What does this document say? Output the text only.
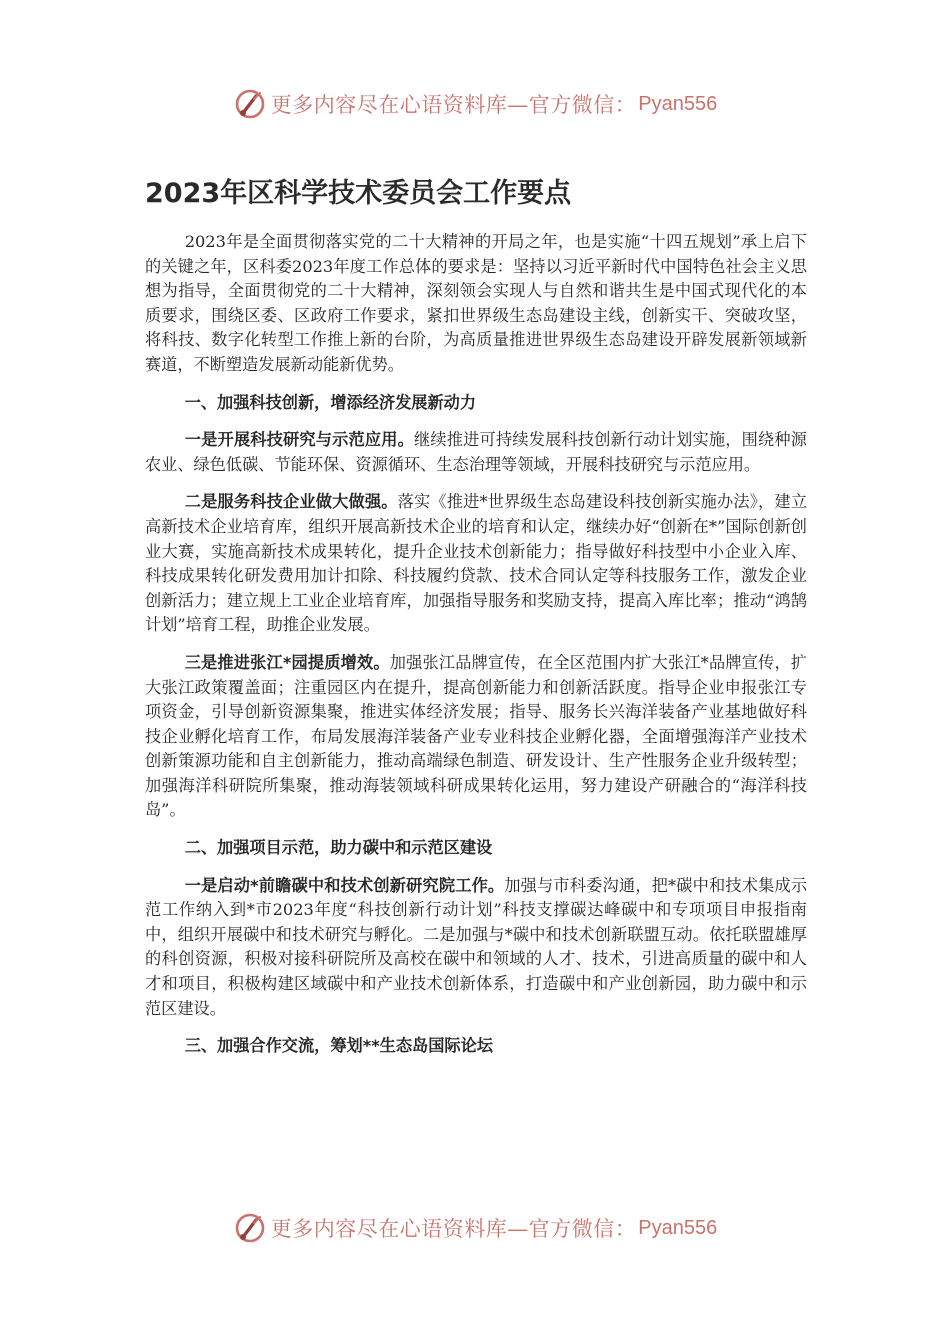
更多内容尽在心语资料库—官方微信： Pyan556
2023年区科学技术委员会工作要点

2023年是全面贯彻落实党的二十大精神的开局之年，也是实施“十四五规划”承上启下的关键之年，区科委2023年度工作总体的要求是：坚持以习近平新时代中国特色社会主义思想为指导，全面贯彻党的二十大精神，深刻领会实现人与自然和谐共生是中国式现代化的本质要求，围绕区委、区政府工作要求，紧扣世界级生态岛建设主线，创新实干、突破攻坚，将科技、数字化转型工作推上新的台阶，为高质量推进世界级生态岛建设开辟发展新领域新赛道，不断塑造发展新动能新优势。

一、加强科技创新，增添经济发展新动力

一是开展科技研究与示范应用。继续推进可持续发展科技创新行动计划实施，围绕种源农业、绿色低碳、节能环保、资源循环、生态治理等领域，开展科技研究与示范应用。

二是服务科技企业做大做强。落实《推进*世界级生态岛建设科技创新实施办法》，建立高新技术企业培育库，组织开展高新技术企业的培育和认定，继续办好“创新在*”国际创新创业大赛，实施高新技术成果转化，提升企业技术创新能力；指导做好科技型中小企业入库、科技成果转化研发费用加计扣除、科技履约贷款、技术合同认定等科技服务工作，激发企业创新活力；建立规上工业企业培育库，加强指导服务和奖励支持，提高入库比率；推动“鸿鹄计划”培育工程，助推企业发展。

三是推进张江*园提质增效。加强张江品牌宣传，在全区范围内扩大张江*品牌宣传，扩大张江政策覆盖面；注重园区内在提升，提高创新能力和创新活跃度。指导企业申报张江专项资金，引导创新资源集聚，推进实体经济发展；指导、服务长兴海洋装备产业基地做好科技企业孵化培育工作，布局发展海洋装备产业专业科技企业孵化器，全面增强海洋产业技术创新策源功能和自主创新能力，推动高端绿色制造、研发设计、生产性服务企业升级转型；加强海洋科研院所集聚，推动海装领域科研成果转化运用，努力建设产研融合的“海洋科技岛”。

二、加强项目示范，助力碳中和示范区建设

一是启动*前瞻碳中和技术创新研究院工作。加强与市科委沟通，把*碳中和技术集成示范工作纳入到*市2023年度“科技创新行动计划”科技支撑碳达峰碳中和专项项目申报指南中，组织开展碳中和技术研究与孵化。二是加强与*碳中和技术创新联盟互动。依托联盟雄厚的科创资源，积极对接科研院所及高校在碳中和领域的人才、技术，引进高质量的碳中和人才和项目，积极构建区域碳中和产业技术创新体系，打造碳中和产业创新园，助力碳中和示范区建设。

三、加强合作交流，筹划**生态岛国际论坛

更多内容尽在心语资料库—官方微信： Pyan556
